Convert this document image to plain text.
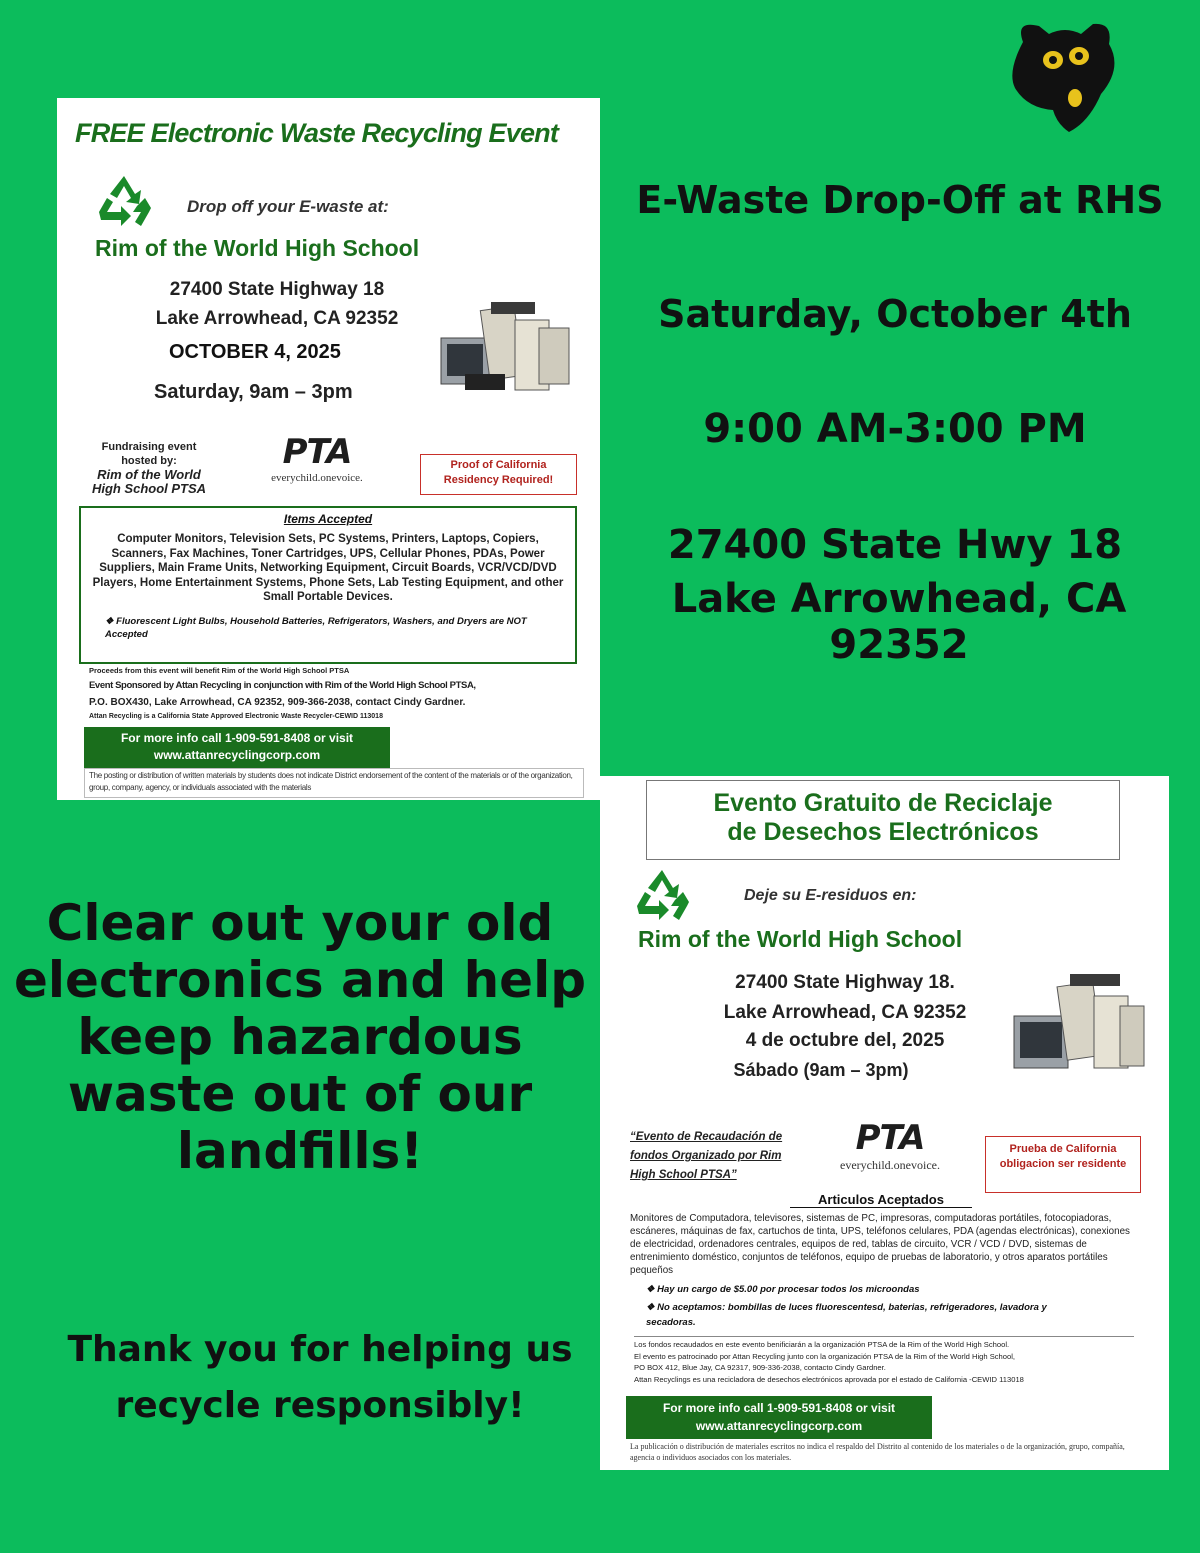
E-Waste Drop-Off at RHS
Saturday, October 4th
9:00 AM-3:00 PM
27400 State Hwy 18
Lake Arrowhead, CA 92352
Clear out your old
electronics and help
keep hazardous
waste out of our
landfills!
Thank you for helping us
recycle responsibly!
FREE Electronic Waste Recycling Event
Drop off your E-waste at:
Rim of the World High School
27400 State Highway 18
Lake Arrowhead, CA 92352
OCTOBER 4, 2025
Saturday, 9am – 3pm
Fundraising event
hosted by:
Rim of the World
High School PTSA
PTA
everychild.onevoice.
Proof of California
Residency Required!
Items Accepted
Computer Monitors, Television Sets, PC Systems, Printers, Laptops, Copiers, Scanners, Fax Machines, Toner Cartridges, UPS, Cellular Phones, PDAs, Power Suppliers, Main Frame Units, Networking Equipment, Circuit Boards, VCR/VCD/DVD Players, Home Entertainment Systems, Phone Sets, Lab Testing Equipment, and other Small Portable Devices.
❖ Fluorescent Light Bulbs, Household Batteries, Refrigerators, Washers, and Dryers are NOT Accepted
Proceeds from this event will benefit Rim of the World High School PTSA
Event Sponsored by Attan Recycling in conjunction with Rim of the World High School PTSA,
P.O. BOX430, Lake Arrowhead, CA 92352, 909-366-2038, contact Cindy Gardner.
Attan Recycling is a California State Approved Electronic Waste Recycler-CEWID 113018
For more info call 1-909-591-8408 or visit
www.attanrecyclingcorp.com
The posting or distribution of written materials by students does not indicate District endorsement of the content of the materials or of the organization, group, company, agency, or individuals associated with the materials
Evento Gratuito de Reciclaje
de Desechos Electrónicos
Deje su E-residuos en:
Rim of the World High School
27400 State Highway 18.
Lake Arrowhead, CA 92352
4 de octubre del, 2025
Sábado (9am – 3pm)
“Evento de Recaudación de
fondos Organizado por Rim
High School PTSA”
PTA
everychild.onevoice.
Prueba de California
obligacion ser residente
Articulos Aceptados
Monitores de Computadora, televisores, sistemas de PC, impresoras, computadoras portátiles, fotocopiadoras, escáneres, máquinas de fax, cartuchos de tinta, UPS, teléfonos celulares, PDA (agendas electrónicas), conexiones de electricidad, ordenadores centrales, equipos de red, tablas de circuito, VCR / VCD / DVD, sistemas de entrenimiento doméstico, conjuntos de teléfonos, equipo de pruebas de laboratorio, y otros aparatos portátiles pequeños
❖ Hay un cargo de $5.00 por procesar todos los microondas
❖ No aceptamos: bombillas de luces fluorescentesd, baterias, refrigeradores, lavadora y secadoras.
Los fondos recaudados en este evento benificiarán a la organización PTSA de la Rim of the World High School.
El evento es patrocinado por Attan Recycling junto con la organización PTSA de la Rim of the World High School,
PO BOX 412, Blue Jay, CA 92317, 909-336-2038, contacto Cindy Gardner.
Attan Recyclings es una recicladora de desechos electrónicos aprovada por el estado de California -CEWID 113018
For more info call 1-909-591-8408 or visit
www.attanrecyclingcorp.com
La publicación o distribución de materiales escritos no indica el respaldo del Distrito al contenido de los materiales o de la organización, grupo, compañía, agencia o individuos asociados con los materiales.
